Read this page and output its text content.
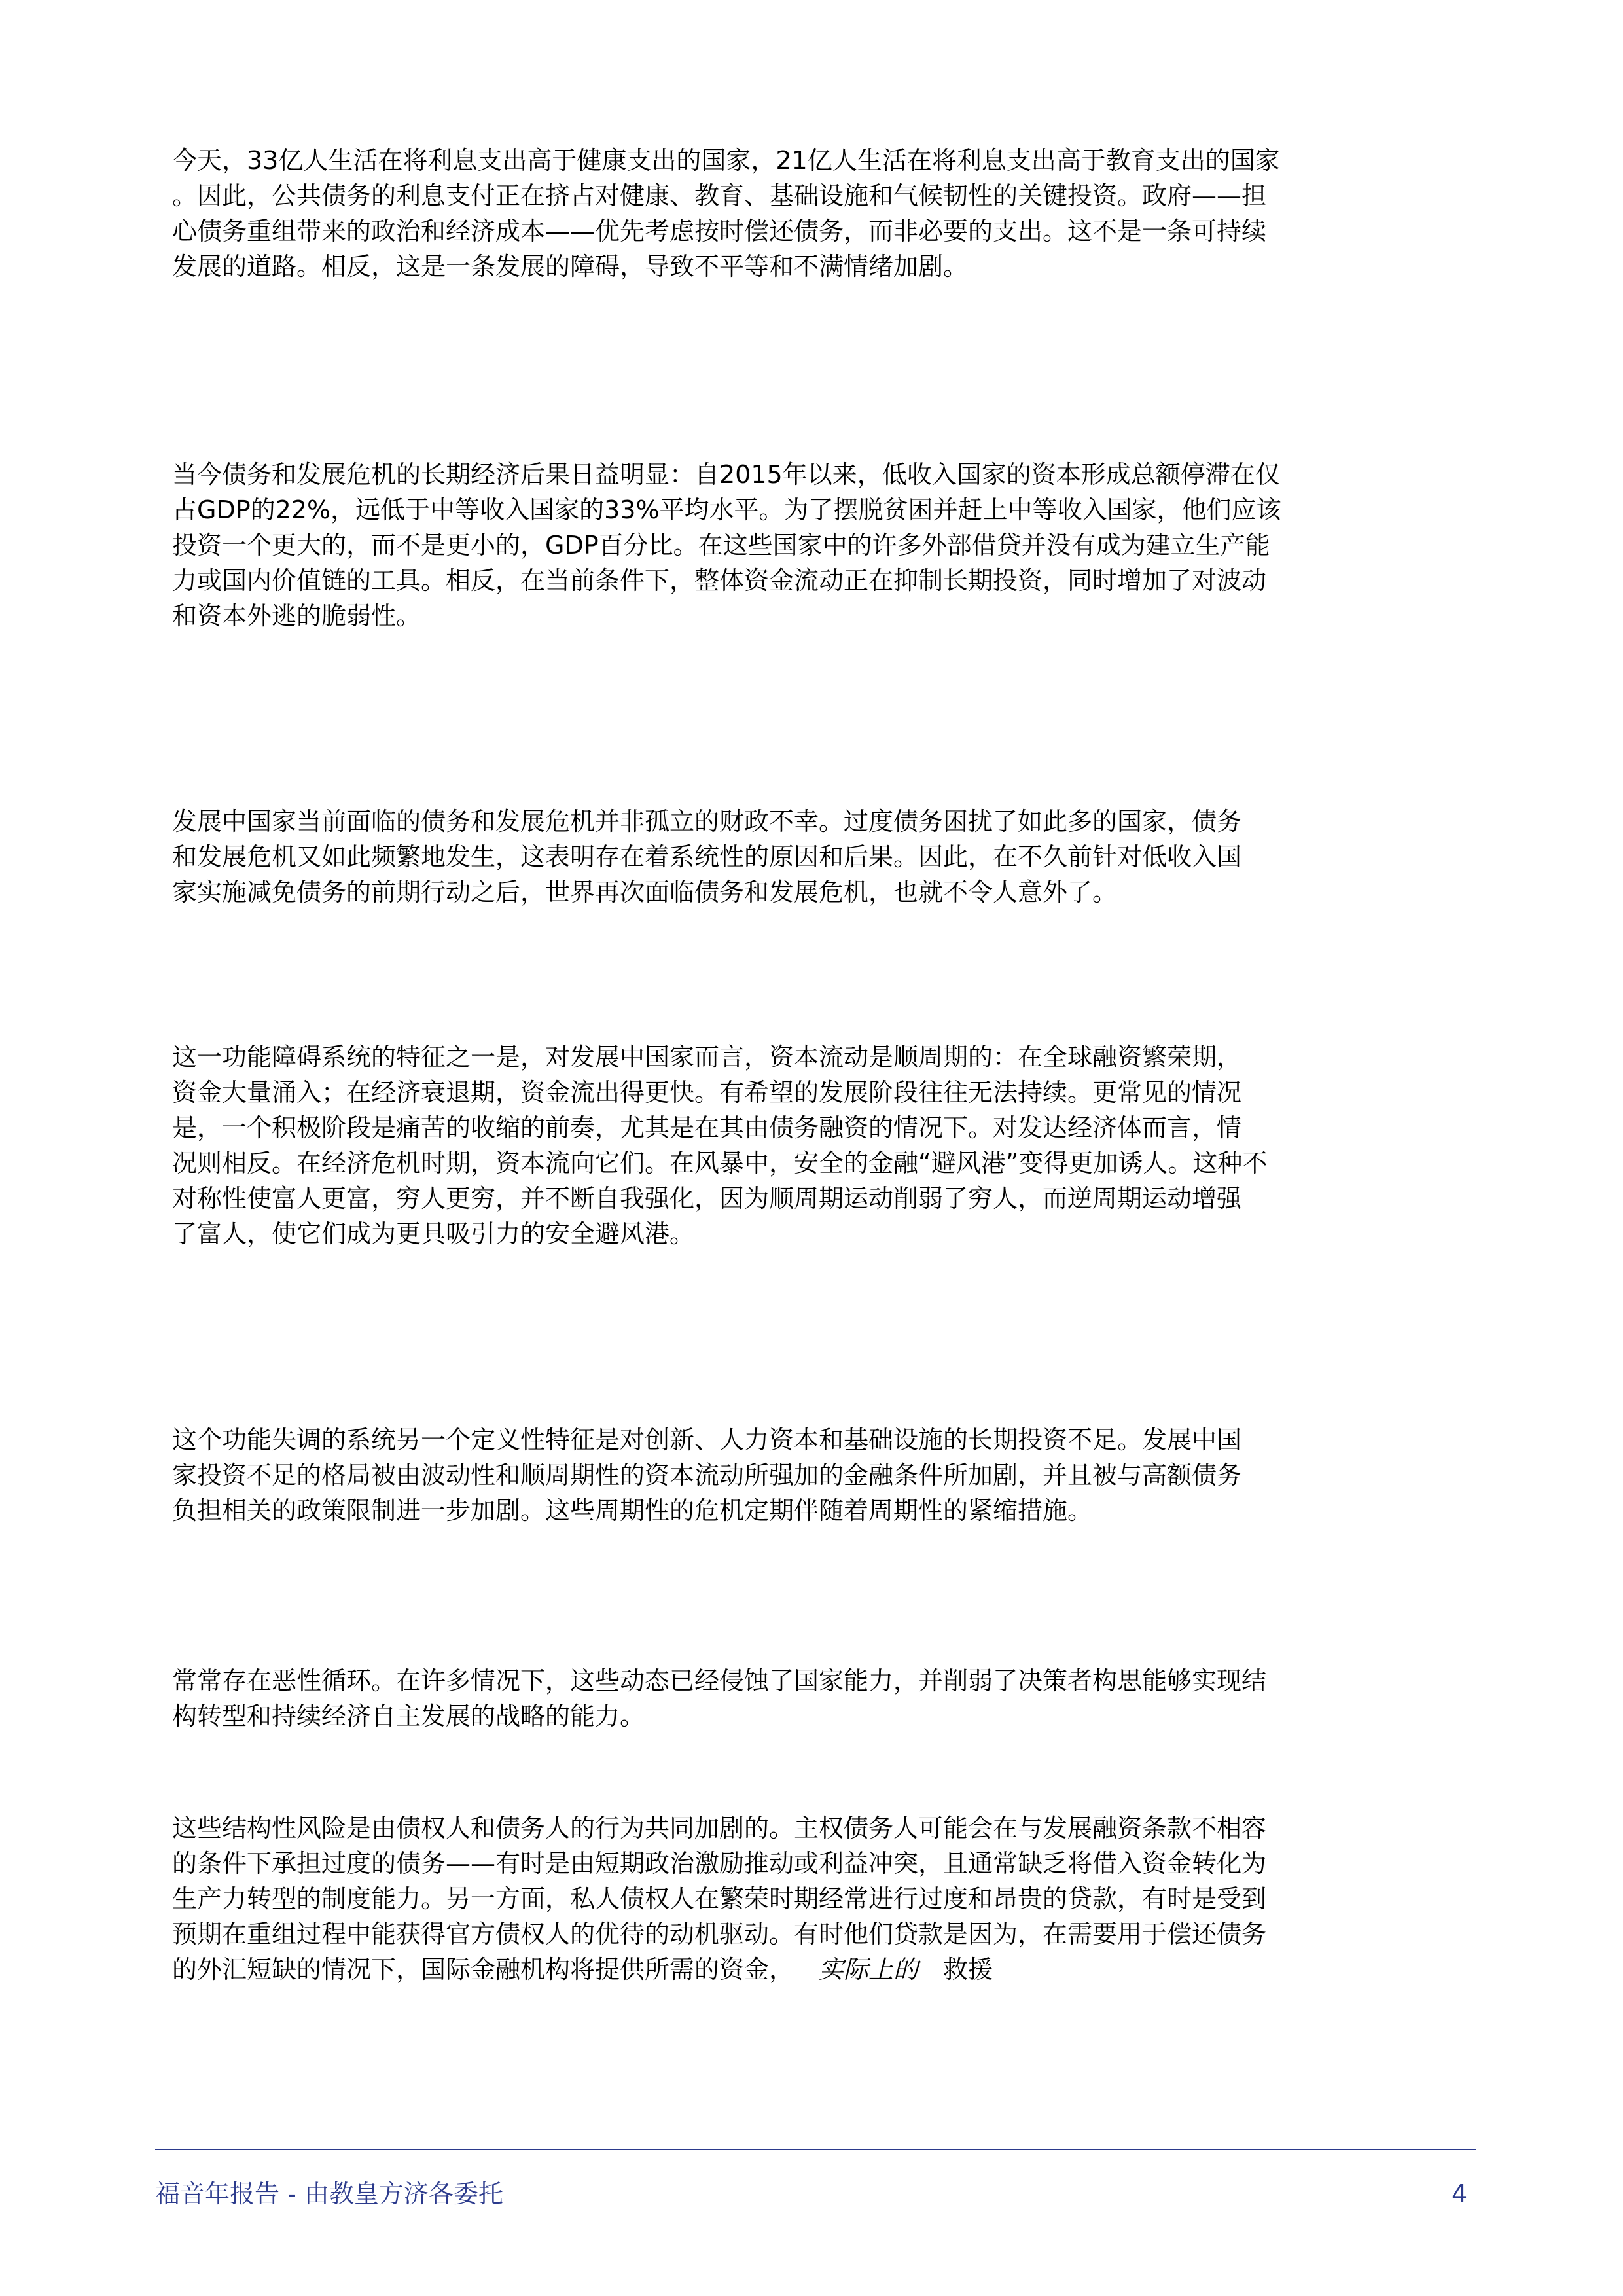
今天，33亿人生活在将利息支出高于健康支出的国家，21亿人生活在将利息支出高于教育支出的国家
。因此，公共债务的利息支付正在挤占对健康、教育、基础设施和气候韧性的关键投资。政府——担
心债务重组带来的政治和经济成本——优先考虑按时偿还债务，而非必要的支出。这不是一条可持续
发展的道路。相反，这是一条发展的障碍，导致不平等和不满情绪加剧。

当今债务和发展危机的长期经济后果日益明显：自2015年以来，低收入国家的资本形成总额停滞在仅
占GDP的22%，远低于中等收入国家的33%平均水平。为了摆脱贫困并赶上中等收入国家，他们应该
投资一个更大的，而不是更小的，GDP百分比。在这些国家中的许多外部借贷并没有成为建立生产能
力或国内价值链的工具。相反，在当前条件下，整体资金流动正在抑制长期投资，同时增加了对波动
和资本外逃的脆弱性。

发展中国家当前面临的债务和发展危机并非孤立的财政不幸。过度债务困扰了如此多的国家，债务
和发展危机又如此频繁地发生，这表明存在着系统性的原因和后果。因此，在不久前针对低收入国
家实施减免债务的前期行动之后，世界再次面临债务和发展危机，也就不令人意外了。

这一功能障碍系统的特征之一是，对发展中国家而言，资本流动是顺周期的：在全球融资繁荣期，
资金大量涌入；在经济衰退期，资金流出得更快。有希望的发展阶段往往无法持续。更常见的情况
是，一个积极阶段是痛苦的收缩的前奏，尤其是在其由债务融资的情况下。对发达经济体而言，情
况则相反。在经济危机时期，资本流向它们。在风暴中，安全的金融“避风港”变得更加诱人。这种不
对称性使富人更富，穷人更穷，并不断自我强化，因为顺周期运动削弱了穷人，而逆周期运动增强
了富人，使它们成为更具吸引力的安全避风港。

这个功能失调的系统另一个定义性特征是对创新、人力资本和基础设施的长期投资不足。发展中国
家投资不足的格局被由波动性和顺周期性的资本流动所强加的金融条件所加剧，并且被与高额债务
负担相关的政策限制进一步加剧。这些周期性的危机定期伴随着周期性的紧缩措施。

常常存在恶性循环。在许多情况下，这些动态已经侵蚀了国家能力，并削弱了决策者构思能够实现结
构转型和持续经济自主发展的战略的能力。

这些结构性风险是由债权人和债务人的行为共同加剧的。主权债务人可能会在与发展融资条款不相容
的条件下承担过度的债务——有时是由短期政治激励推动或利益冲突，且通常缺乏将借入资金转化为
生产力转型的制度能力。另一方面，私人债权人在繁荣时期经常进行过度和昂贵的贷款，有时是受到
预期在重组过程中能获得官方债权人的优待的动机驱动。有时他们贷款是因为，在需要用于偿还债务
的外汇短缺的情况下，国际金融机构将提供所需的资金， 实际上的 救援

福音年报告 - 由教皇方济各委托	4
